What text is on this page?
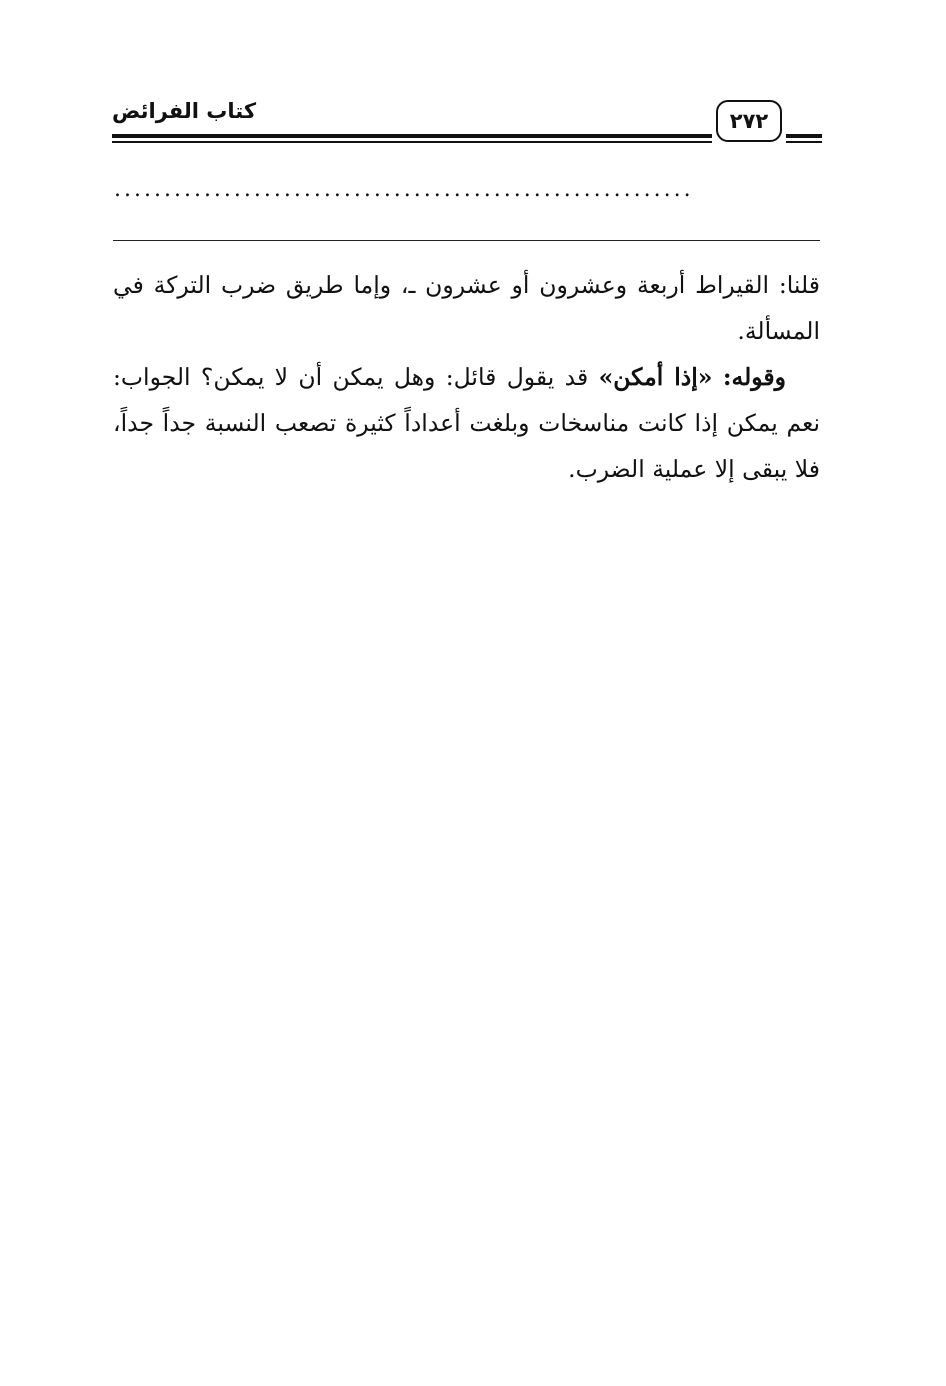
كتاب الفرائض	٢٧٢
..........................................................

قلنا: القيراط أربعة وعشرون أو عشرون ـ، وإما طريق ضرب التركة في المسألة.

وقوله: «إذا أمكن» قد يقول قائل: وهل يمكن أن لا يمكن؟ الجواب: نعم يمكن إذا كانت مناسخات وبلغت أعداداً كثيرة تصعب النسبة جداً جداً، فلا يبقى إلا عملية الضرب.
